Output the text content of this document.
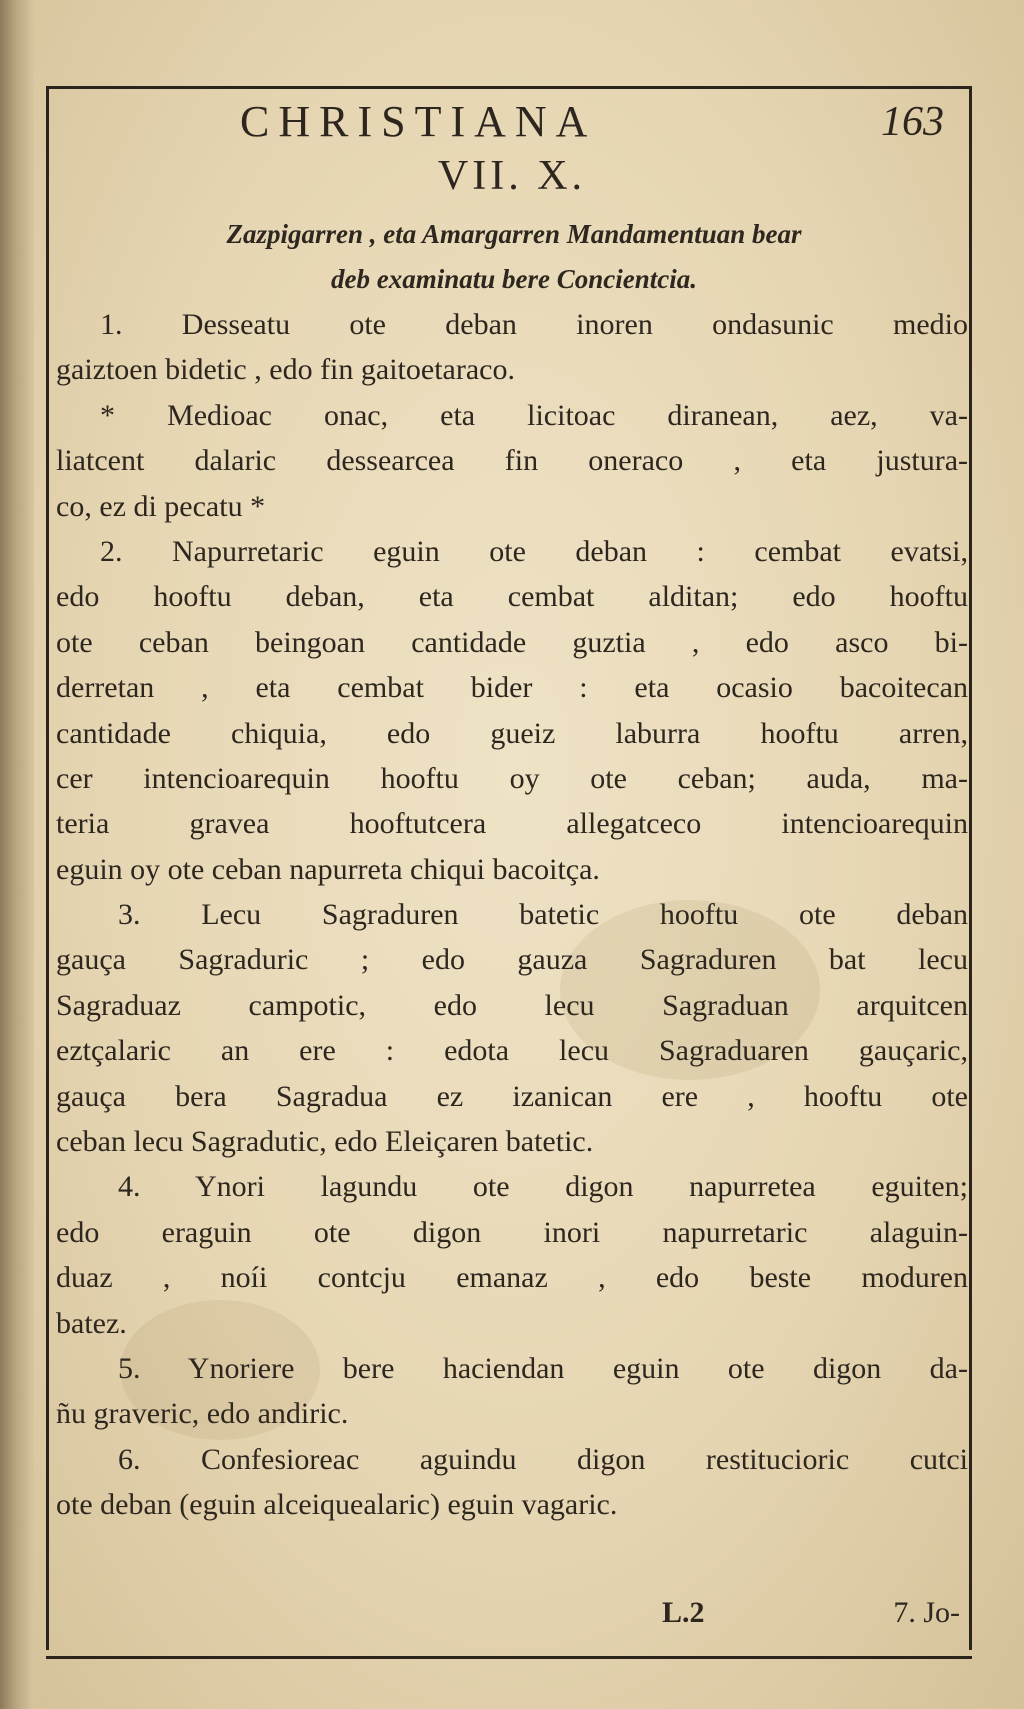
CHRISTIANA	163
VII. X.
Zazpigarren , eta Amargarren Mandamentuan bear
deb examinatu bere Concientcia.
1. Desseatu ote deban inoren ondasunic medio
gaiztoen bidetic , edo fin gaitoetaraco.
* Medioac onac, eta licitoac diranean, aez, va-
liatcent dalaric dessearcea fin oneraco , eta justura-
co, ez di pecatu *
2. Napurretaric eguin ote deban : cembat evatsi,
edo hooftu deban, eta cembat alditan; edo hooftu
ote ceban beingoan cantidade guztia , edo asco bi-
derretan , eta cembat bider : eta ocasio bacoitecan
cantidade chiquia, edo gueiz laburra hooftu arren,
cer intencioarequin hooftu oy ote ceban; auda, ma-
teria gravea hooftutcera allegatceco intencioarequin
eguin oy ote ceban napurreta chiqui bacoitça.
3. Lecu Sagraduren batetic hooftu ote deban
gauça Sagraduric ; edo gauza Sagraduren bat lecu
Sagraduaz campotic, edo lecu Sagraduan arquitcen
eztçalaric an ere : edota lecu Sagraduaren gauçaric,
gauça bera Sagradua ez izanican ere , hooftu ote
ceban lecu Sagradutic, edo Eleiçaren batetic.
4. Ynori lagundu ote digon napurretea eguiten;
edo eraguin ote digon inori napurretaric alaguin-
duaz , noíi contcju emanaz , edo beste moduren
batez.
5. Ynoriere bere haciendan eguin ote digon da-
ñu graveric, edo andiric.
6. Confesioreac aguindu digon restitucioric cutci
ote deban (eguin alceiquealaric) eguin vagaric.
L.2	7. Jo-
